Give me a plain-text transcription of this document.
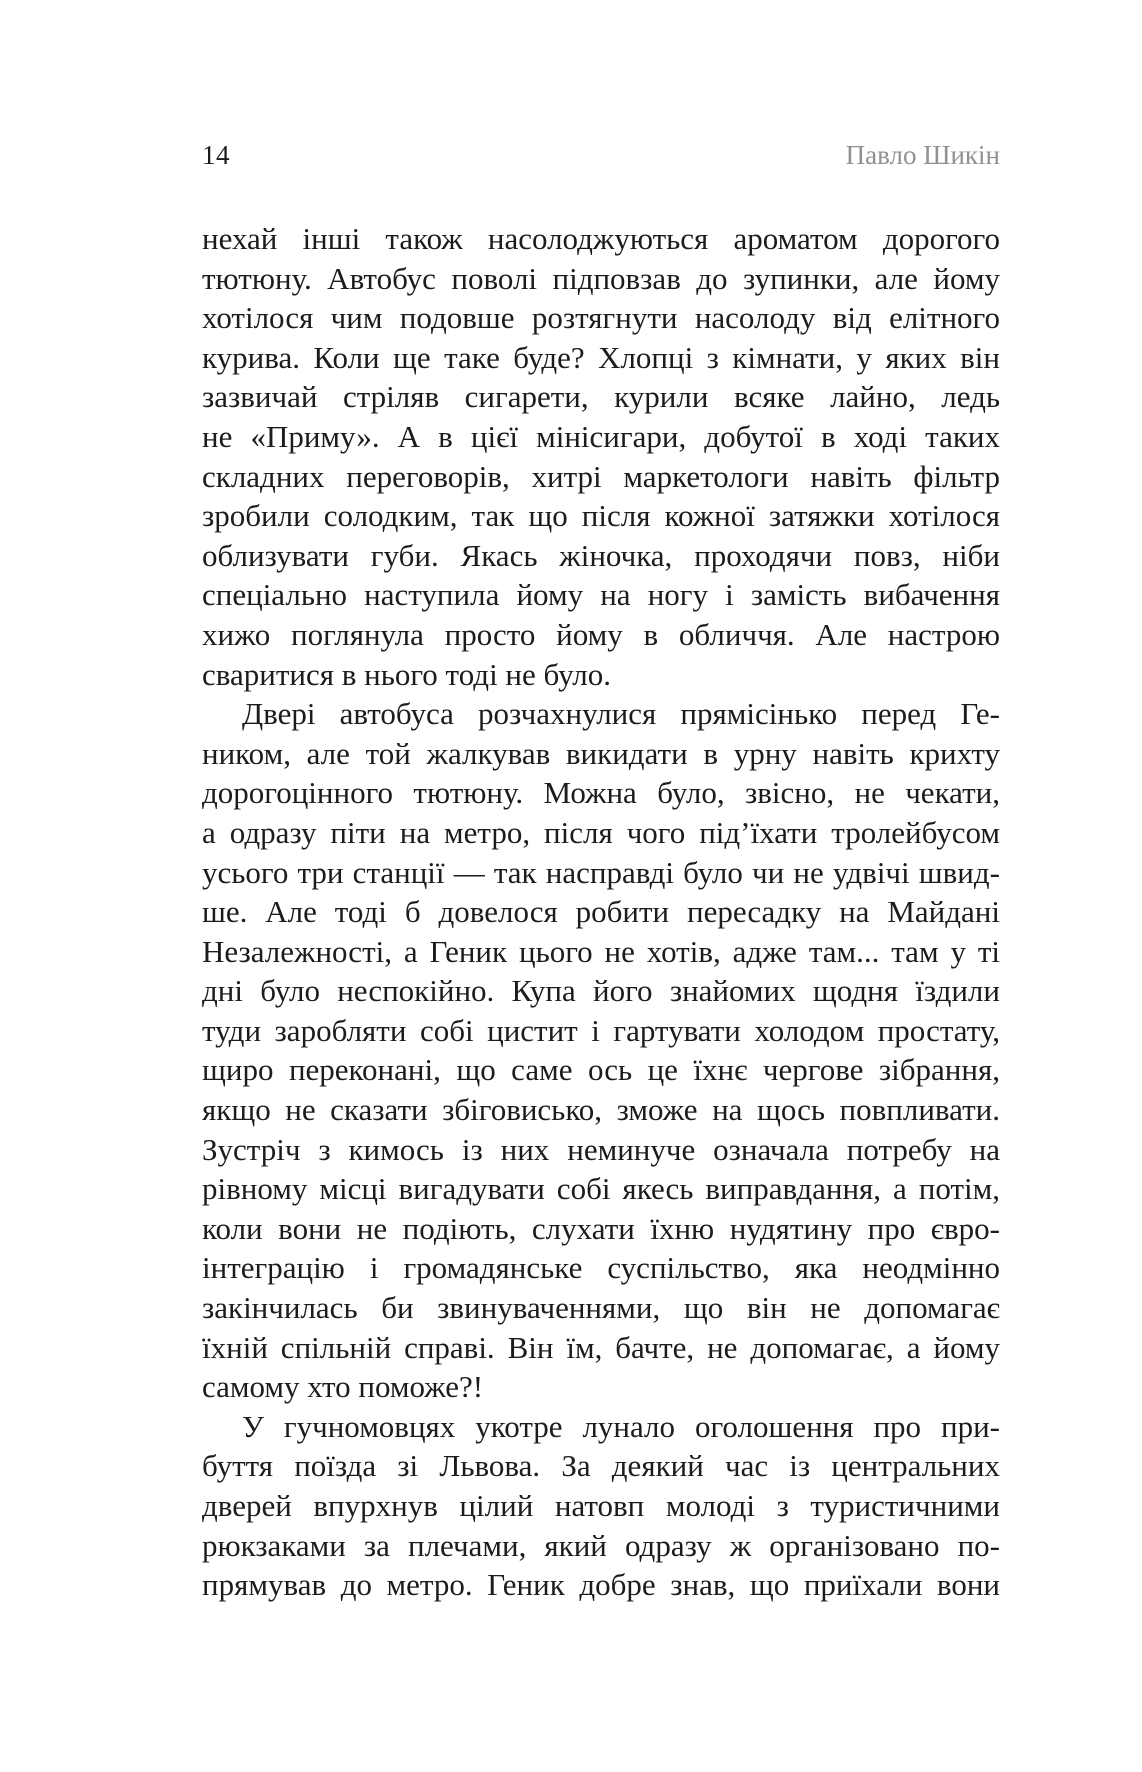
14	Павло Шикін
нехай інші також насолоджуються ароматом дорогого
тютюну. Автобус поволі підповзав до зупинки, але йому
хотілося чим подовше розтягнути насолоду від елітного
курива. Коли ще таке буде? Хлопці з кімнати, у яких він
зазвичай стріляв сигарети, курили всяке лайно, ледь
не «Приму». А в цієї мінісигари, добутої в ході таких
складних переговорів, хитрі маркетологи навіть фільтр
зробили солодким, так що після кожної затяжки хотілося
облизувати губи. Якась жіночка, проходячи повз, ніби
спеціально наступила йому на ногу і замість вибачення
хижо поглянула просто йому в обличчя. Але настрою
сваритися в нього тоді не було.
Двері автобуса розчахнулися прямісінько перед Ге-
ником, але той жалкував викидати в урну навіть крихту
дорогоцінного тютюну. Можна було, звісно, не чекати,
а одразу піти на метро, після чого під’їхати тролейбусом
усього три станції — так насправді було чи не удвічі швид-
ше. Але тоді б довелося робити пересадку на Майдані
Незалежності, а Геник цього не хотів, адже там... там у ті
дні було неспокійно. Купа його знайомих щодня їздили
туди заробляти собі цистит і гартувати холодом простату,
щиро переконані, що саме ось це їхнє чергове зібрання,
якщо не сказати збіговисько, зможе на щось повпливати.
Зустріч з кимось із них неминуче означала потребу на
рівному місці вигадувати собі якесь виправдання, а потім,
коли вони не подіють, слухати їхню нудятину про євро-
інтеграцію і громадянське суспільство, яка неодмінно
закінчилась би звинуваченнями, що він не допомагає
їхній спільній справі. Він їм, бачте, не допомагає, а йому
самому хто поможе?!
У гучномовцях укотре лунало оголошення про при-
буття поїзда зі Львова. За деякий час із центральних
дверей впурхнув цілий натовп молоді з туристичними
рюкзаками за плечами, який одразу ж організовано по-
прямував до метро. Геник добре знав, що приїхали вони
